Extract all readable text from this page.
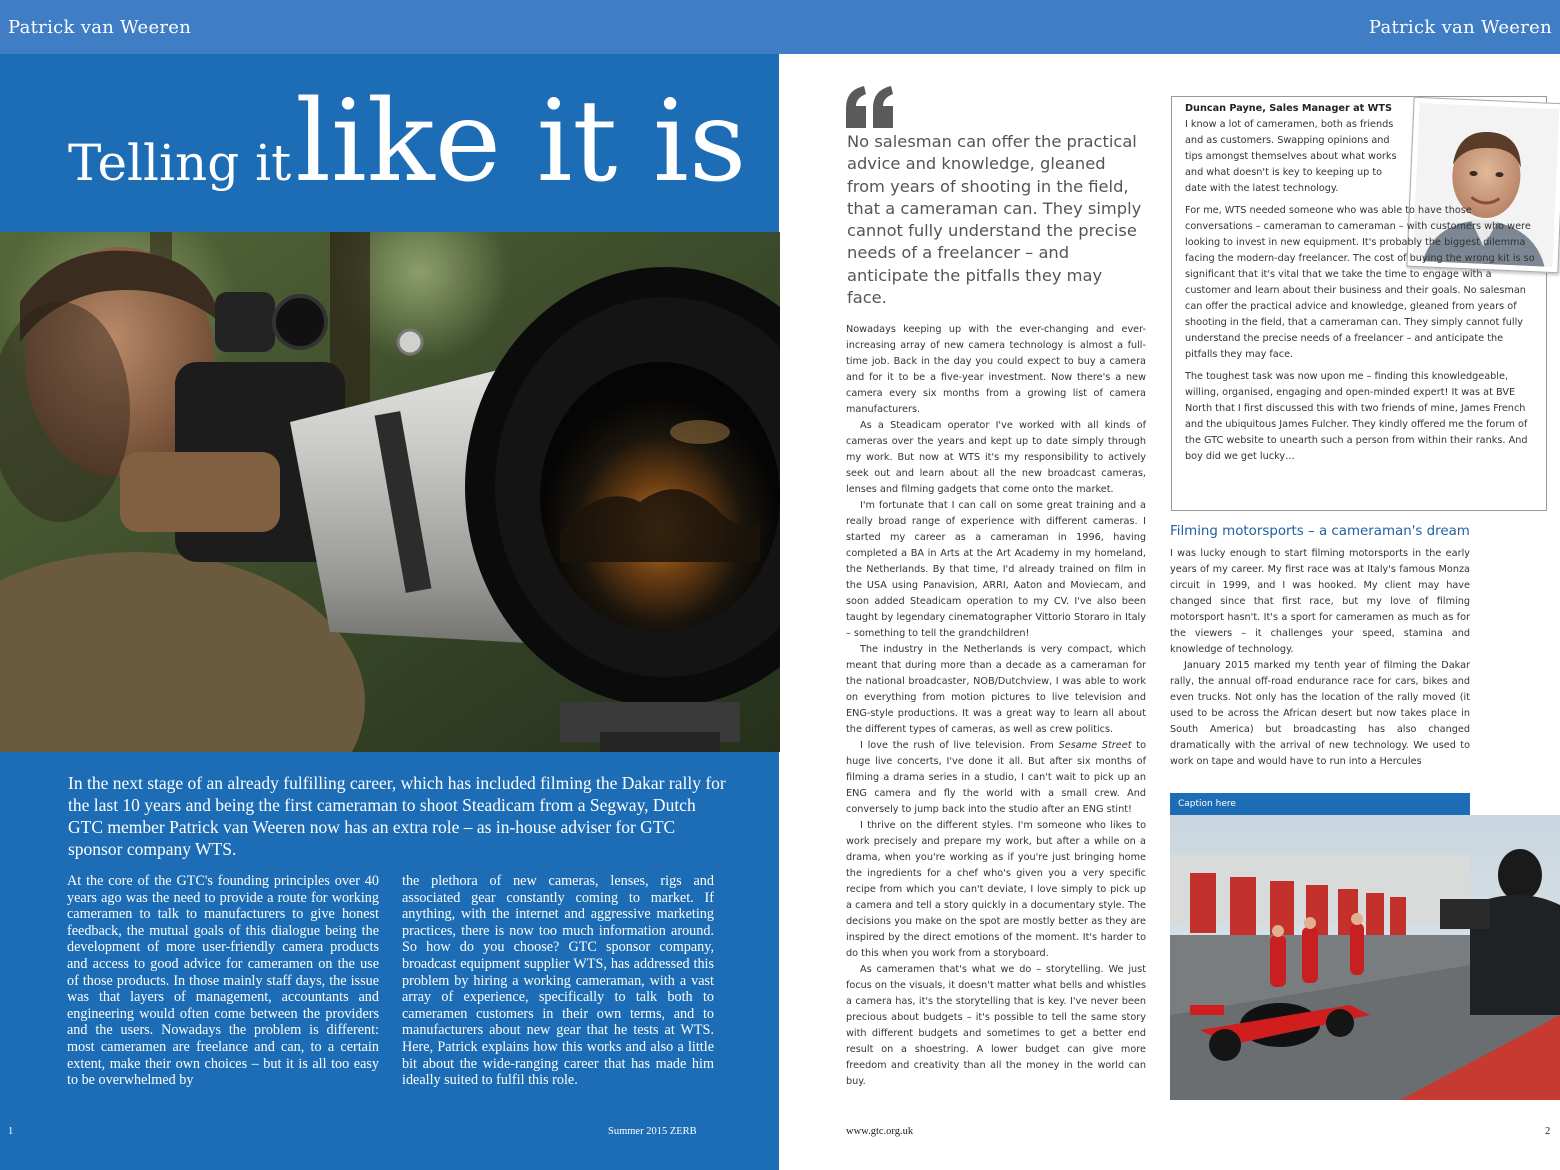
Patrick van Weeren	Patrick van Weeren
Telling itlike it is
In the next stage of an already fulfilling career, which has included filming the Dakar rally for the last 10 years and being the first cameraman to shoot Steadicam from a Segway, Dutch GTC member Patrick van Weeren now has an extra role – as in-house adviser for GTC sponsor company WTS.
At the core of the GTC's founding principles over 40 years ago was the need to provide a route for working cameramen to talk to manufacturers to give honest feedback, the mutual goals of this dialogue being the development of more user-friendly camera products and access to good advice for cameramen on the use of those products. In those mainly staff days, the issue was that layers of management, accountants and engineering would often come between the providers and the users. Nowadays the problem is different: most cameramen are freelance and can, to a certain extent, make their own choices – but it is all too easy to be overwhelmed by
the plethora of new cameras, lenses, rigs and associated gear constantly coming to market. If anything, with the internet and aggressive marketing practices, there is now too much information around. So how do you choose? GTC sponsor company, broadcast equipment supplier WTS, has addressed this problem by hiring a working cameraman, with a vast array of experience, specifically to talk both to cameramen customers in their own terms, and to manufacturers about new gear that he tests at WTS. Here, Patrick explains how this works and also a little bit about the wide-ranging career that has made him ideally suited to fulfil this role.
1	Summer 2015 ZERB
No salesman can offer the practical advice and knowledge, gleaned from years of shooting in the field, that a cameraman can. They simply cannot fully understand the precise needs of a freelancer – and anticipate the pitfalls they may face.

Nowadays keeping up with the ever-changing and ever-increasing array of new camera technology is almost a full-time job. Back in the day you could expect to buy a camera and for it to be a five-year investment. Now there's a new camera every six months from a growing list of camera manufacturers.

As a Steadicam operator I've worked with all kinds of cameras over the years and kept up to date simply through my work. But now at WTS it's my responsibility to actively seek out and learn about all the new broadcast cameras, lenses and filming gadgets that come onto the market.

I'm fortunate that I can call on some great training and a really broad range of experience with different cameras. I started my career as a cameraman in 1996, having completed a BA in Arts at the Art Academy in my homeland, the Netherlands. By that time, I'd already trained on film in the USA using Panavision, ARRI, Aaton and Moviecam, and soon added Steadicam operation to my CV. I've also been taught by legendary cinematographer Vittorio Storaro in Italy – something to tell the grandchildren!

The industry in the Netherlands is very compact, which meant that during more than a decade as a cameraman for the national broadcaster, NOB/Dutchview, I was able to work on everything from motion pictures to live television and ENG-style productions. It was a great way to learn all about the different types of cameras, as well as crew politics.

I love the rush of live television. From Sesame Street to huge live concerts, I've done it all. But after six months of filming a drama series in a studio, I can't wait to pick up an ENG camera and fly the world with a small crew. And conversely to jump back into the studio after an ENG stint!

I thrive on the different styles. I'm someone who likes to work precisely and prepare my work, but after a while on a drama, when you're working as if you're just bringing home the ingredients for a chef who's given you a very specific recipe from which you can't deviate, I love simply to pick up a camera and tell a story quickly in a documentary style. The decisions you make on the spot are mostly better as they are inspired by the direct emotions of the moment. It's harder to do this when you work from a storyboard.

As cameramen that's what we do – storytelling. We just focus on the visuals, it doesn't matter what bells and whistles a camera has, it's the storytelling that is key. I've never been precious about budgets – it's possible to tell the same story with different budgets and sometimes to get a better end result on a shoestring. A lower budget can give more freedom and creativity than all the money in the world can buy.

Duncan Payne, Sales Manager at WTS
I know a lot of cameramen, both as friends and as customers. Swapping opinions and tips amongst themselves about what works and what doesn't is key to keeping up to date with the latest technology.

For me, WTS needed someone who was able to have those conversations – cameraman to cameraman – with customers who were looking to invest in new equipment. It's probably the biggest dilemma facing the modern-day freelancer. The cost of buying the wrong kit is so significant that it's vital that we take the time to engage with a customer and learn about their business and their goals. No salesman can offer the practical advice and knowledge, gleaned from years of shooting in the field, that a cameraman can. They simply cannot fully understand the precise needs of a freelancer – and anticipate the pitfalls they may face.

The toughest task was now upon me – finding this knowledgeable, willing, organised, engaging and open-minded expert! It was at BVE North that I first discussed this with two friends of mine, James French and the ubiquitous James Fulcher. They kindly offered me the forum of the GTC website to unearth such a person from within their ranks. And boy did we get lucky…

Filming motorsports – a cameraman's dream

I was lucky enough to start filming motorsports in the early years of my career. My first race was at Italy's famous Monza circuit in 1999, and I was hooked. My client may have changed since that first race, but my love of filming motorsport hasn't. It's a sport for cameramen as much as for the viewers – it challenges your speed, stamina and knowledge of technology.

January 2015 marked my tenth year of filming the Dakar rally, the annual off-road endurance race for cars, bikes and even trucks. Not only has the location of the rally moved (it used to be across the African desert but now takes place in South America) but broadcasting has also changed dramatically with the arrival of new technology. We used to work on tape and would have to run into a Hercules

Caption here
www.gtc.org.uk	2
